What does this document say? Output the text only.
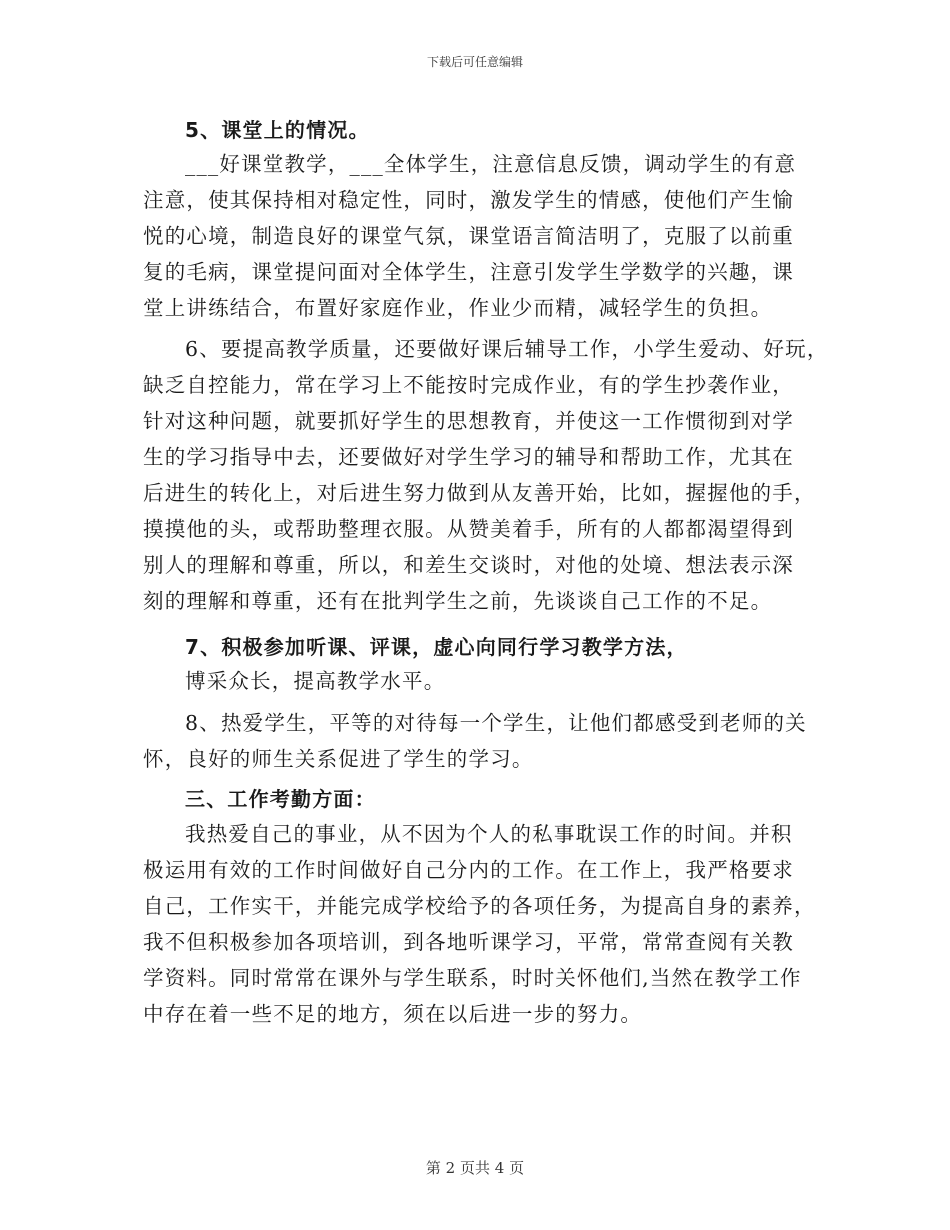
下载后可任意编辑
5、课堂上的情况。
___好课堂教学，___全体学生，注意信息反馈，调动学生的有意
注意，使其保持相对稳定性，同时，激发学生的情感，使他们产生愉
悦的心境，制造良好的课堂气氛，课堂语言简洁明了，克服了以前重
复的毛病，课堂提问面对全体学生，注意引发学生学数学的兴趣，课
堂上讲练结合，布置好家庭作业，作业少而精，减轻学生的负担。
6、要提高教学质量，还要做好课后辅导工作，小学生爱动、好玩，
缺乏自控能力，常在学习上不能按时完成作业，有的学生抄袭作业，
针对这种问题，就要抓好学生的思想教育，并使这一工作惯彻到对学
生的学习指导中去，还要做好对学生学习的辅导和帮助工作，尤其在
后进生的转化上，对后进生努力做到从友善开始，比如，握握他的手，
摸摸他的头，或帮助整理衣服。从赞美着手，所有的人都都渴望得到
别人的理解和尊重，所以，和差生交谈时，对他的处境、想法表示深
刻的理解和尊重，还有在批判学生之前，先谈谈自己工作的不足。
7、积极参加听课、评课，虚心向同行学习教学方法，
博采众长，提高教学水平。
8、热爱学生，平等的对待每一个学生，让他们都感受到老师的关
怀，良好的师生关系促进了学生的学习。
三、工作考勤方面：
我热爱自己的事业，从不因为个人的私事耽误工作的时间。并积
极运用有效的工作时间做好自己分内的工作。在工作上，我严格要求
自己，工作实干，并能完成学校给予的各项任务，为提高自身的素养，
我不但积极参加各项培训，到各地听课学习，平常，常常查阅有关教
学资料。同时常常在课外与学生联系，时时关怀他们,当然在教学工作
中存在着一些不足的地方，须在以后进一步的努力。
第 2 页共 4 页
